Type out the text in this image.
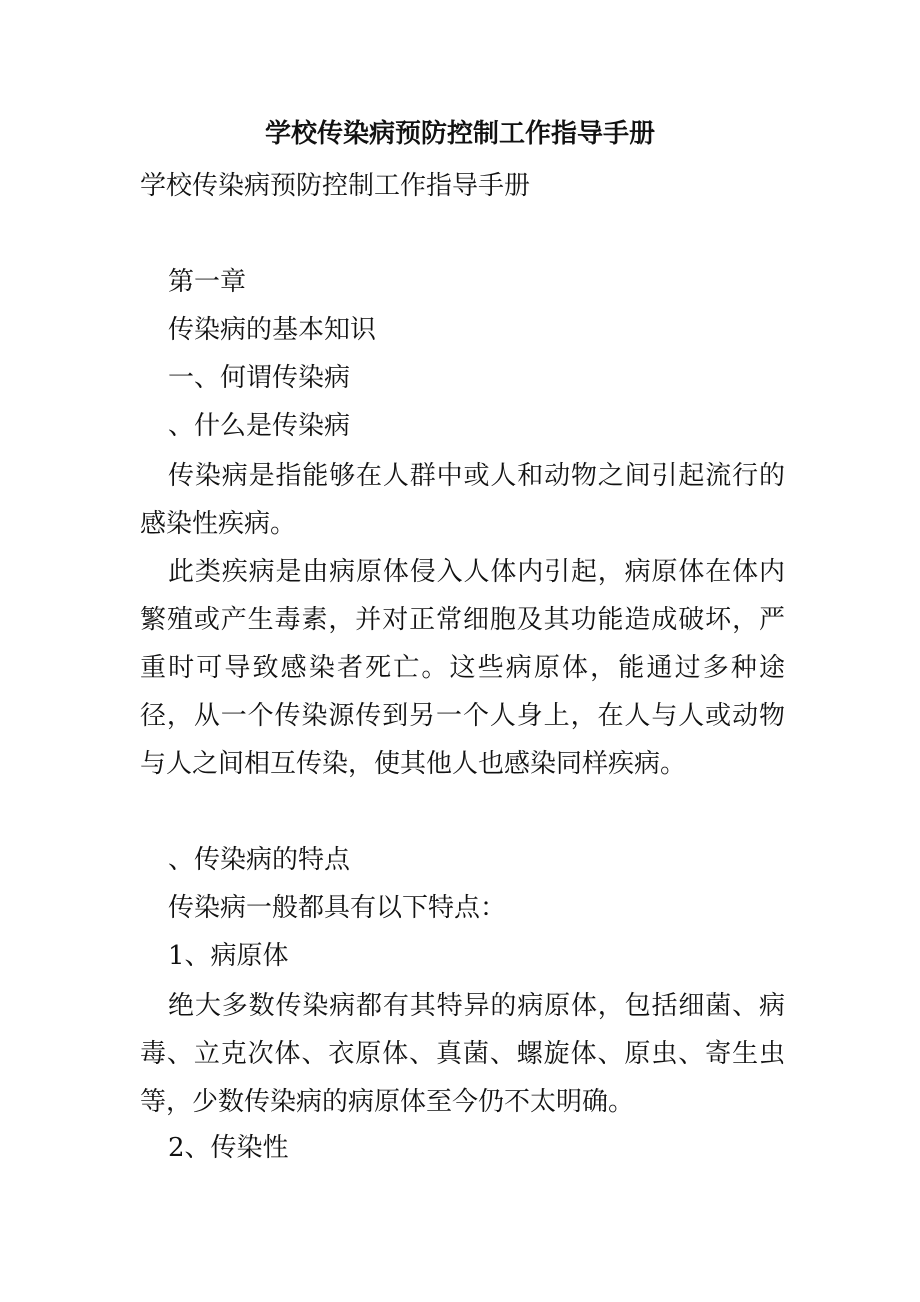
学校传染病预防控制工作指导手册

学校传染病预防控制工作指导手册

第一章

传染病的基本知识

一、何谓传染病

、什么是传染病

传染病是指能够在人群中或人和动物之间引起流行的感染性疾病。

此类疾病是由病原体侵入人体内引起，病原体在体内繁殖或产生毒素，并对正常细胞及其功能造成破坏，严重时可导致感染者死亡。这些病原体，能通过多种途径，从一个传染源传到另一个人身上，在人与人或动物与人之间相互传染，使其他人也感染同样疾病。

、传染病的特点

传染病一般都具有以下特点：

1、病原体

绝大多数传染病都有其特异的病原体，包括细菌、病毒、立克次体、衣原体、真菌、螺旋体、原虫、寄生虫等，少数传染病的病原体至今仍不太明确。

2、传染性
